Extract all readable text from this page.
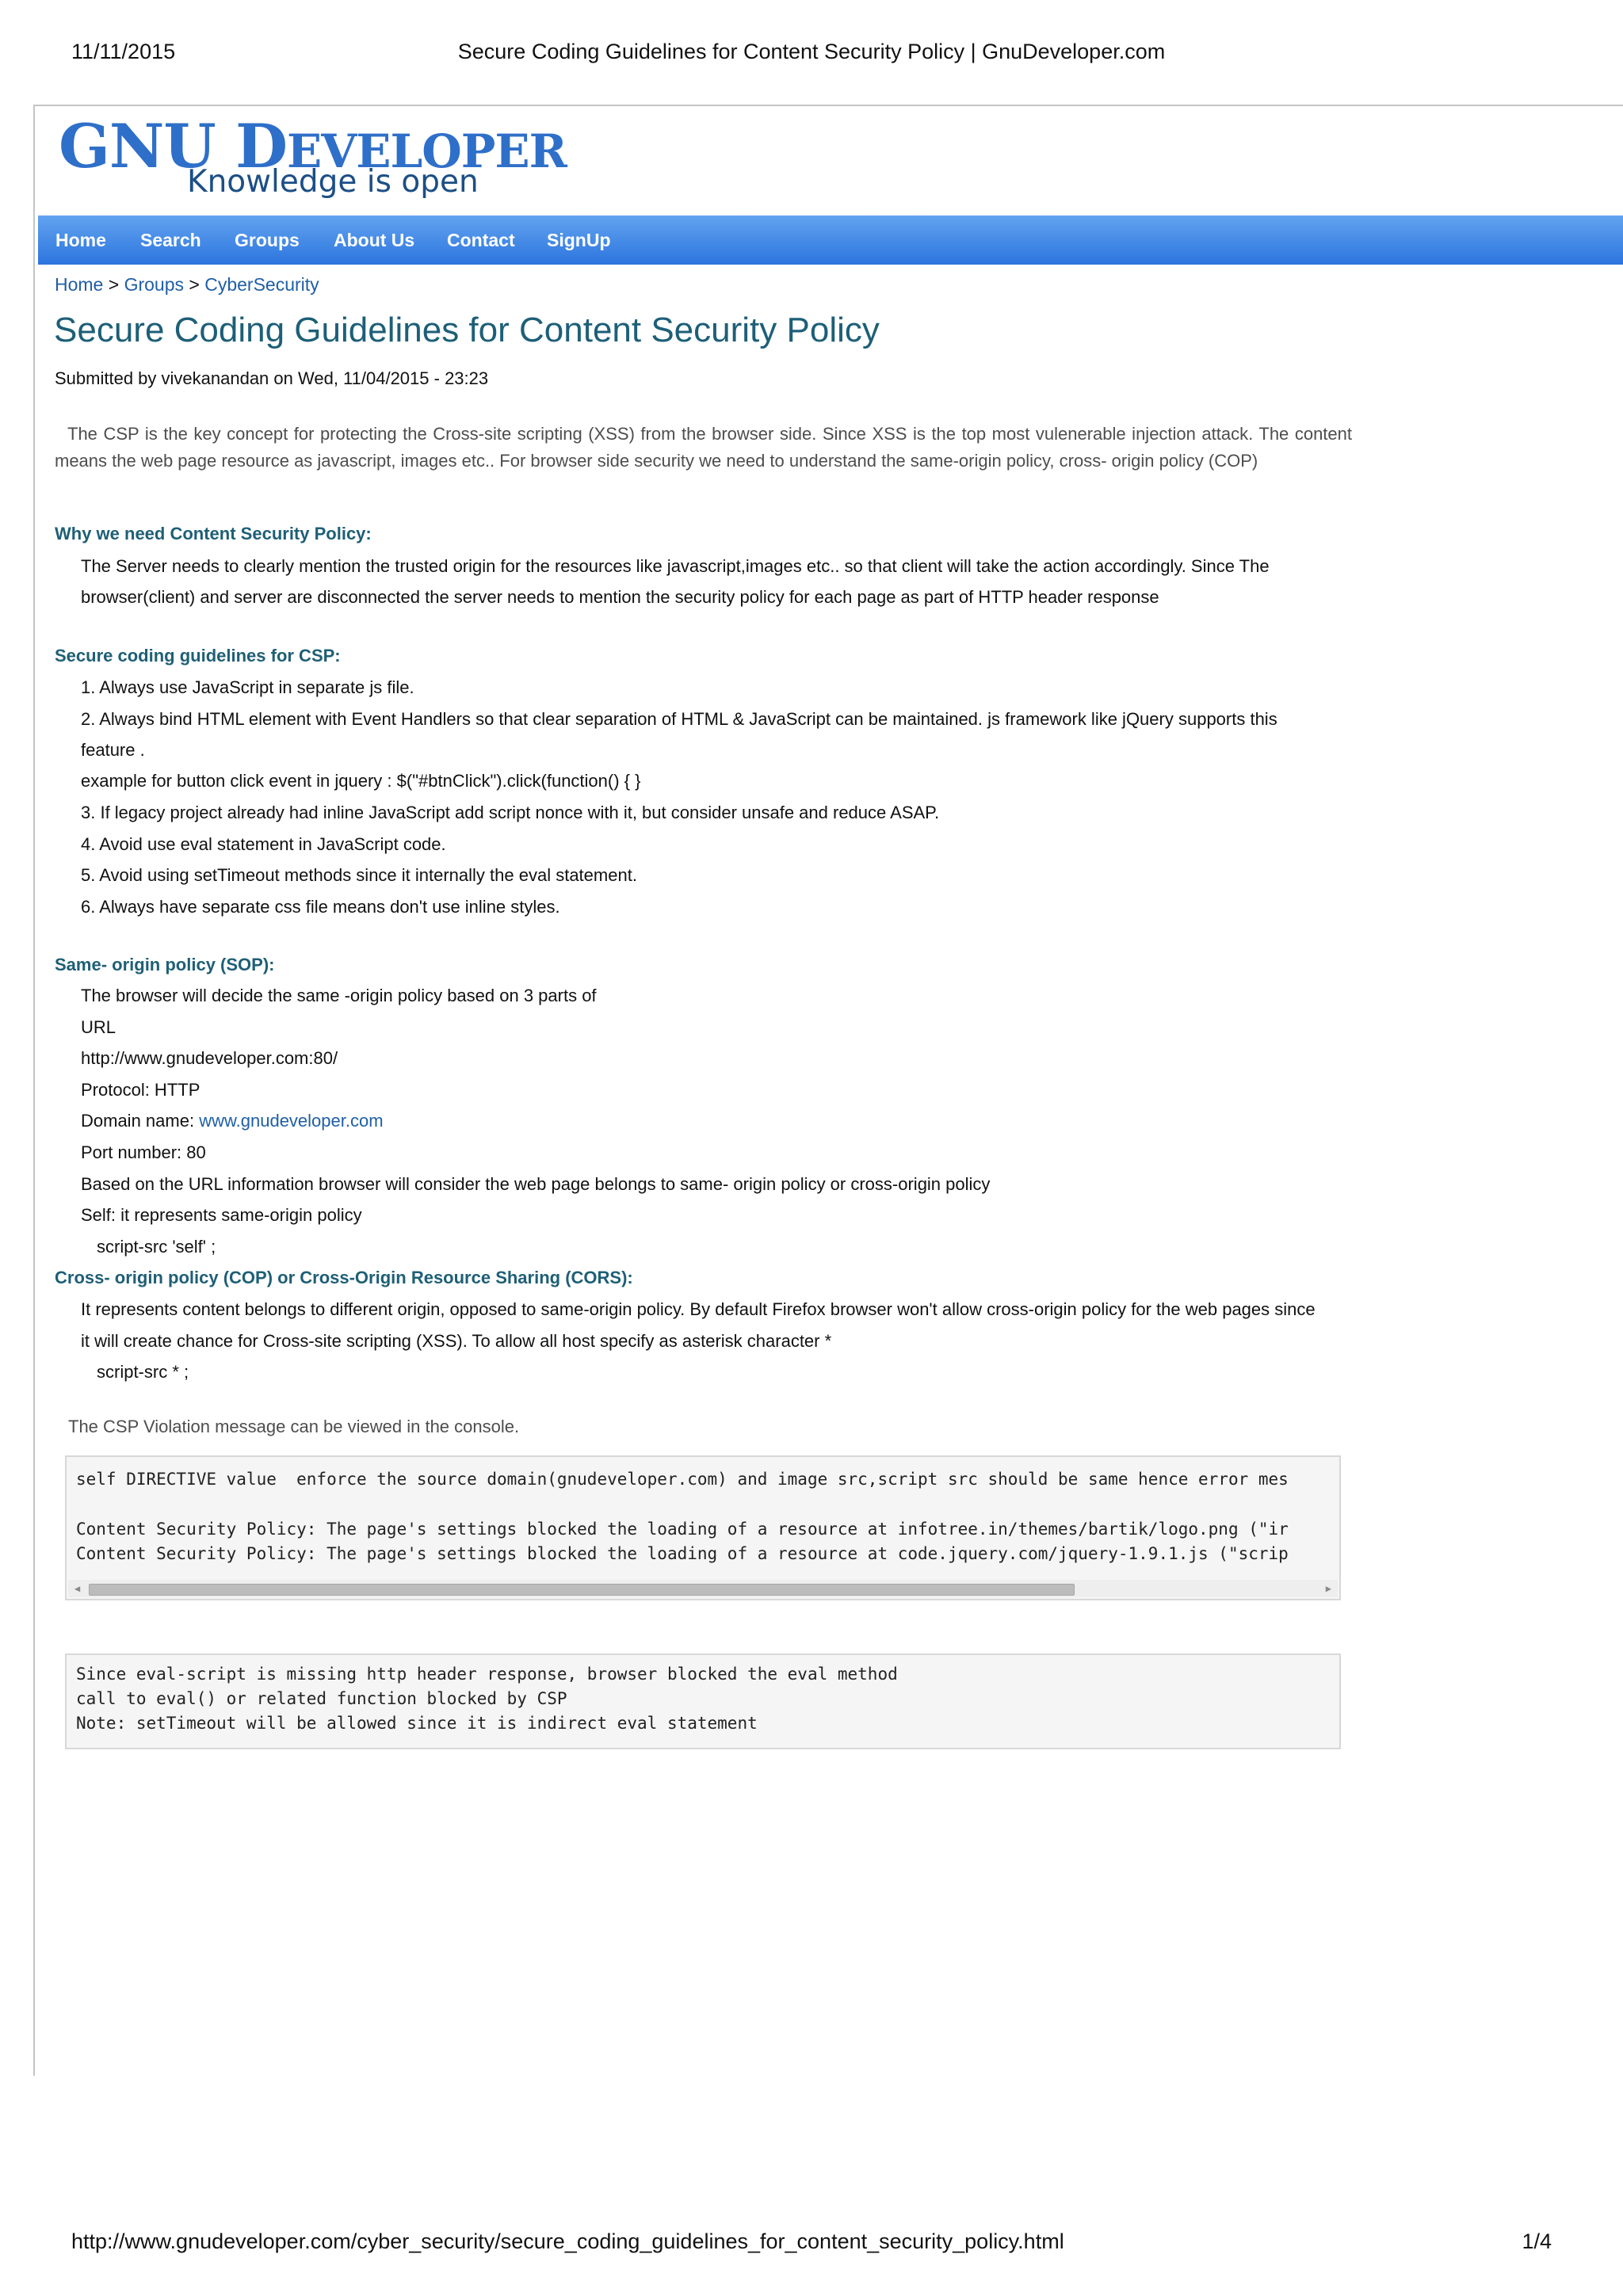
11/11/2015	Secure Coding Guidelines for Content Security Policy | GnuDeveloper.com
GNU DEVELOPER
Knowledge is open
Home Search Groups About Us Contact SignUp
Home > Groups > CyberSecurity
Secure Coding Guidelines for Content Security Policy
Submitted by vivekanandan on Wed, 11/04/2015 - 23:23
The CSP is the key concept for protecting the Cross-site scripting (XSS) from the browser side. Since XSS is the top most vulenerable injection attack. The content means the web page resource as javascript, images etc.. For browser side security we need to understand the same-origin policy, cross- origin policy (COP)
Why we need Content Security Policy:
The Server needs to clearly mention the trusted origin for the resources like javascript,images etc.. so that client will take the action accordingly. Since The
browser(client) and server are disconnected the server needs to mention the security policy for each page as part of HTTP header response
Secure coding guidelines for CSP:
1. Always use JavaScript in separate js file.
2. Always bind HTML element with Event Handlers so that clear separation of HTML & JavaScript can be maintained. js framework like jQuery supports this
feature .
example for button click event in jquery : $("#btnClick").click(function() { }
3. If legacy project already had inline JavaScript add script nonce with it, but consider unsafe and reduce ASAP.
4. Avoid use eval statement in JavaScript code.
5. Avoid using setTimeout methods since it internally the eval statement.
6. Always have separate css file means don't use inline styles.
Same- origin policy (SOP):
The browser will decide the same -origin policy based on 3 parts of
URL
http://www.gnudeveloper.com:80/
Protocol: HTTP
Domain name: www.gnudeveloper.com
Port number: 80
Based on the URL information browser will consider the web page belongs to same- origin policy or cross-origin policy
Self: it represents same-origin policy
script-src 'self' ;
Cross- origin policy (COP) or Cross-Origin Resource Sharing (CORS):
It represents content belongs to different origin, opposed to same-origin policy. By default Firefox browser won't allow cross-origin policy for the web pages since
it will create chance for Cross-site scripting (XSS). To allow all host specify as asterisk character *
script-src * ;
The CSP Violation message can be viewed in the console.
self DIRECTIVE value  enforce the source domain(gnudeveloper.com) and image src,script src should be same hence error mes
Content Security Policy: The page's settings blocked the loading of a resource at infotree.in/themes/bartik/logo.png ("ir
Content Security Policy: The page's settings blocked the loading of a resource at code.jquery.com/jquery-1.9.1.js ("scrip
◀	▶
Since eval-script is missing http header response, browser blocked the eval method
call to eval() or related function blocked by CSP
Note: setTimeout will be allowed since it is indirect eval statement
http://www.gnudeveloper.com/cyber_security/secure_coding_guidelines_for_content_security_policy.html	1/4
